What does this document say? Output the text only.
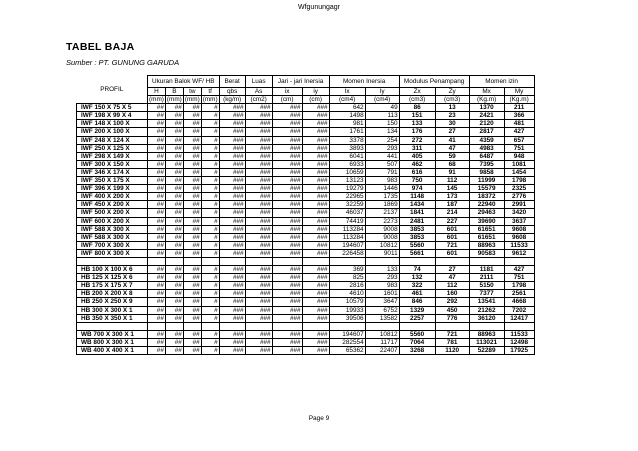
Wfgunungagr
TABEL BAJA
Sumber : PT. GUNUNG GARUDA
PROFIL	Ukuran Balok WF/ HB				Berat	Luas	Jari - jari Inersia		Momen Inersia		Modulus Penampang		Momen izin	
	H	B	tw	tf	qbs	As	ix	iy	Ix	Iy	Zx	Zy	Mx	My
	(mm)	(mm)	(mm)	(mm)	(kg/m)	(cm2)	(cm)	(cm)	(cm4)	(cm4)	(cm3)	(cm3)	(Kg.m)	(Kg.m)
IWF 150 X 75 X 5	##	##	##	#	###	###	###	###	642	49	86	13	1370	211
IWF 198 X 99 X 4	##	##	##	#	###	###	###	###	1498	113	151	23	2421	366
IWF 148 X 100 X	##	##	##	#	###	###	###	###	981	150	133	30	2120	481
IWF 200 X 100 X	##	##	##	#	###	###	###	###	1761	134	176	27	2817	427
IWF 248 X 124 X	##	##	##	#	###	###	###	###	3378	254	272	41	4359	657
IWF 250 X 125 X	##	##	##	#	###	###	###	###	3893	293	311	47	4983	751
IWF 298 X 149 X	##	##	##	#	###	###	###	###	6041	441	405	59	6487	948
IWF 300 X 150 X	##	##	##	#	###	###	###	###	6933	507	462	68	7395	1081
IWF 346 X 174 X	##	##	##	#	###	###	###	###	10659	791	616	91	9858	1454
IWF 350 X 175 X	##	##	##	#	###	###	###	###	13123	983	750	112	11999	1798
IWF 396 X 199 X	##	##	##	#	###	###	###	###	19279	1446	974	145	15579	2325
IWF 400 X 200 X	##	##	##	#	###	###	###	###	22965	1735	1148	173	18372	2776
IWF 450 X 200 X	##	##	##	#	###	###	###	###	32259	1869	1434	187	22940	2991
IWF 500 X 200 X	##	##	##	#	###	###	###	###	46037	2137	1841	214	29463	3420
IWF 600 X 200 X	##	##	##	#	###	###	###	###	74419	2273	2481	227	39690	3637
IWF 588 X 300 X	##	##	##	#	###	###	###	###	113284	9008	3853	601	61651	9608
IWF 588 X 300 X	##	##	##	#	###	###	###	###	113284	9008	3853	601	61651	9608
IWF 700 X 300 X	##	##	##	#	###	###	###	###	194607	10812	5560	721	88963	11533
IWF 800 X 300 X	##	##	##	#	###	###	###	###	226458	9011	5661	601	90583	9612

HB 100 X 100 X 6	##	##	##	#	###	###	###	###	369	133	74	27	1181	427
HB 125 X 125 X 6	##	##	##	#	###	###	###	###	825	293	132	47	2111	751
HB 175 X 175 X 7	##	##	##	#	###	###	###	###	2816	983	322	112	5150	1798
HB 200 X 200 X 8	##	##	##	#	###	###	###	###	4610	1601	461	160	7377	2561
HB 250 X 250 X 9	##	##	##	#	###	###	###	###	10579	3647	846	292	13541	4668
HB 300 X 300 X 1	##	##	##	#	###	###	###	###	19933	6752	1329	450	21262	7202
HB 350 X 350 X 1	##	##	##	#	###	###	###	###	39506	13582	2257	776	36120	12417

WB 700 X 300 X 1	##	##	##	#	###	###	###	###	194607	10812	5560	721	88963	11533
WB 800 X 300 X 1	##	##	##	#	###	###	###	###	282554	11717	7064	781	113021	12498
WB 400 X 400 X 1	##	##	##	#	###	###	###	###	65362	22407	3268	1120	52289	17925
Page 9
